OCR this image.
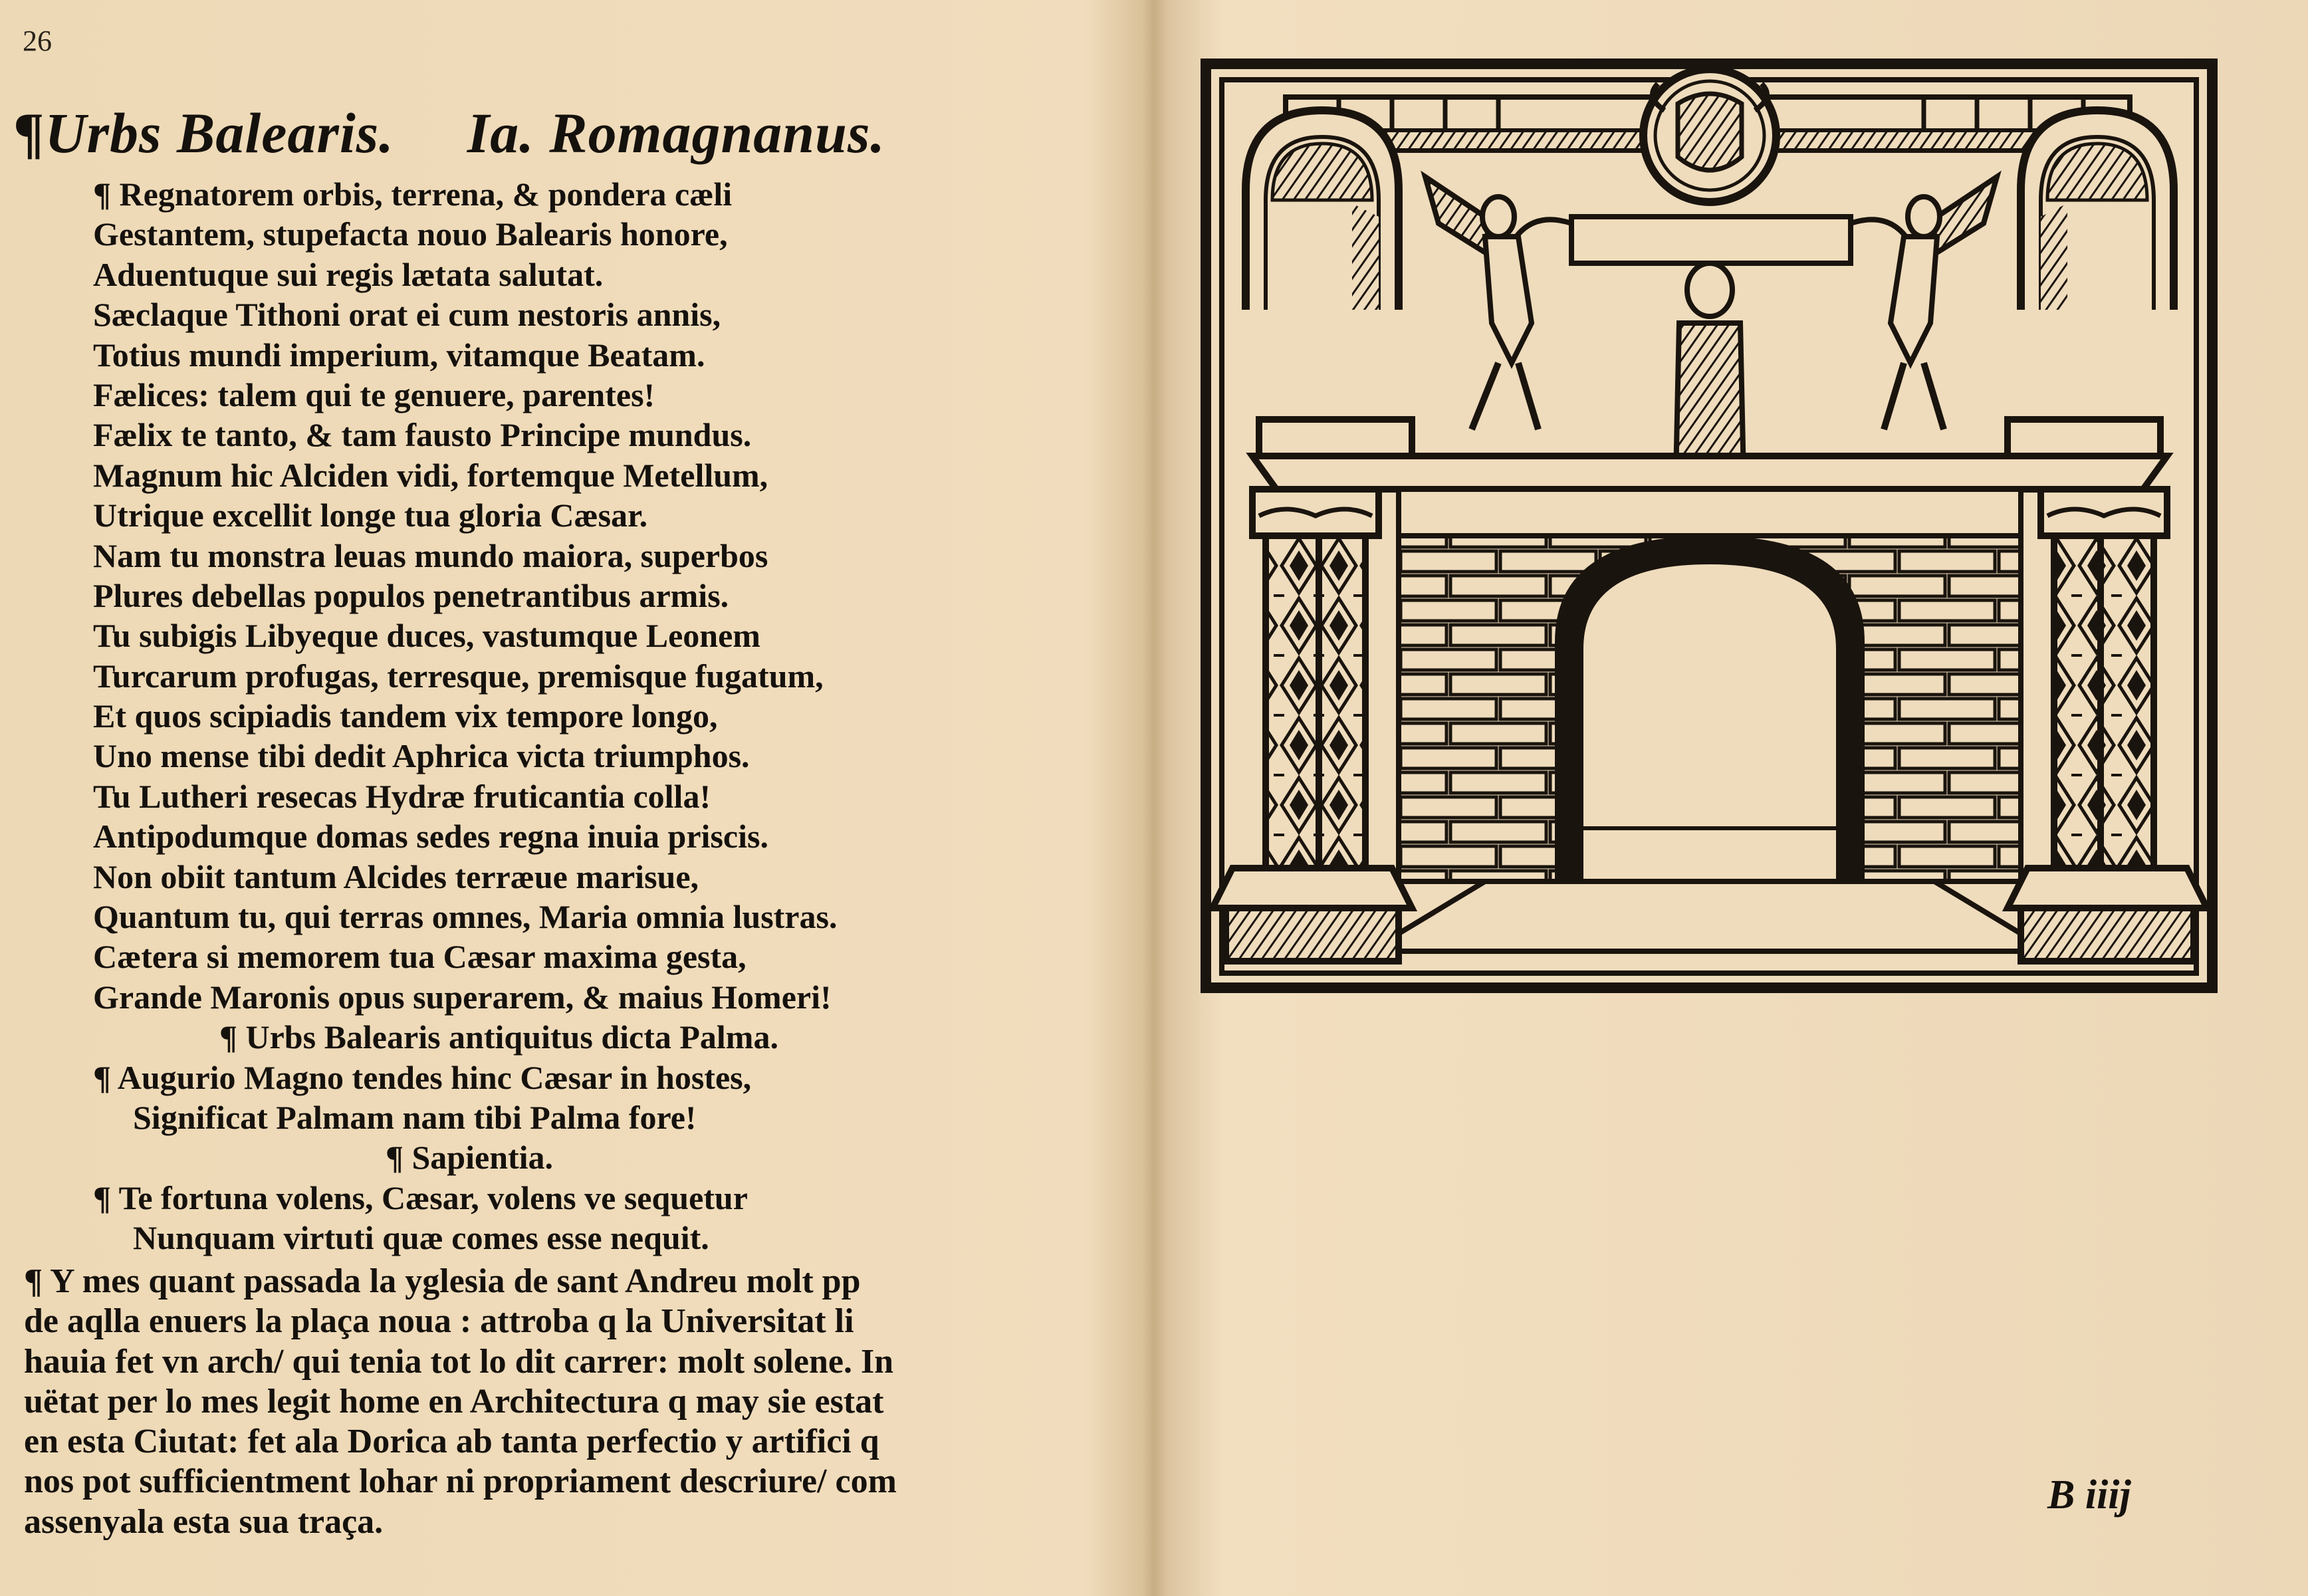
26
¶Urbs Balearis. Ia. Romagnanus.
¶ Regnatorem orbis, terrena, & pondera cæli
Gestantem, stupefacta nouo Balearis honore,
Aduentuque sui regis lætata salutat.
Sæclaque Tithoni orat ei cum nestoris annis,
Totius mundi imperium, vitamque Beatam.
Fælices: talem qui te genuere, parentes!
Fælix te tanto, & tam fausto Principe mundus.
Magnum hic Alciden vidi, fortemque Metellum,
Utrique excellit longe tua gloria Cæsar.
Nam tu monstra leuas mundo maiora, superbos
Plures debellas populos penetrantibus armis.
Tu subigis Libyeque duces, vastumque Leonem
Turcarum profugas, terresque, premisque fugatum,
Et quos scipiadis tandem vix tempore longo,
Uno mense tibi dedit Aphrica victa triumphos.
Tu Lutheri resecas Hydræ fruticantia colla!
Antipodumque domas sedes regna inuia priscis.
Non obiit tantum Alcides terræue marisue,
Quantum tu, qui terras omnes, Maria omnia lustras.
Cætera si memorem tua Cæsar maxima gesta,
Grande Maronis opus superarem, & maius Homeri!
¶ Urbs Balearis antiquitus dicta Palma.
¶ Augurio Magno tendes hinc Cæsar in hostes,
Significat Palmam nam tibi Palma fore!
¶ Sapientia.
¶ Te fortuna volens, Cæsar, volens ve sequetur
Nunquam virtuti quæ comes esse nequit.
¶ Y mes quant passada la yglesia de sant Andreu molt pp
de aqlla enuers la plaça noua : attroba q la Universitat li
hauia fet vn arch/ qui tenia tot lo dit carrer: molt solene. In
uëtat per lo mes legit home en Architectura q may sie estat
en esta Ciutat: fet ala Dorica ab tanta perfectio y artifici q
nos pot sufficientment lohar ni propriament descriure/ com
assenyala esta sua traça.
B iiij
